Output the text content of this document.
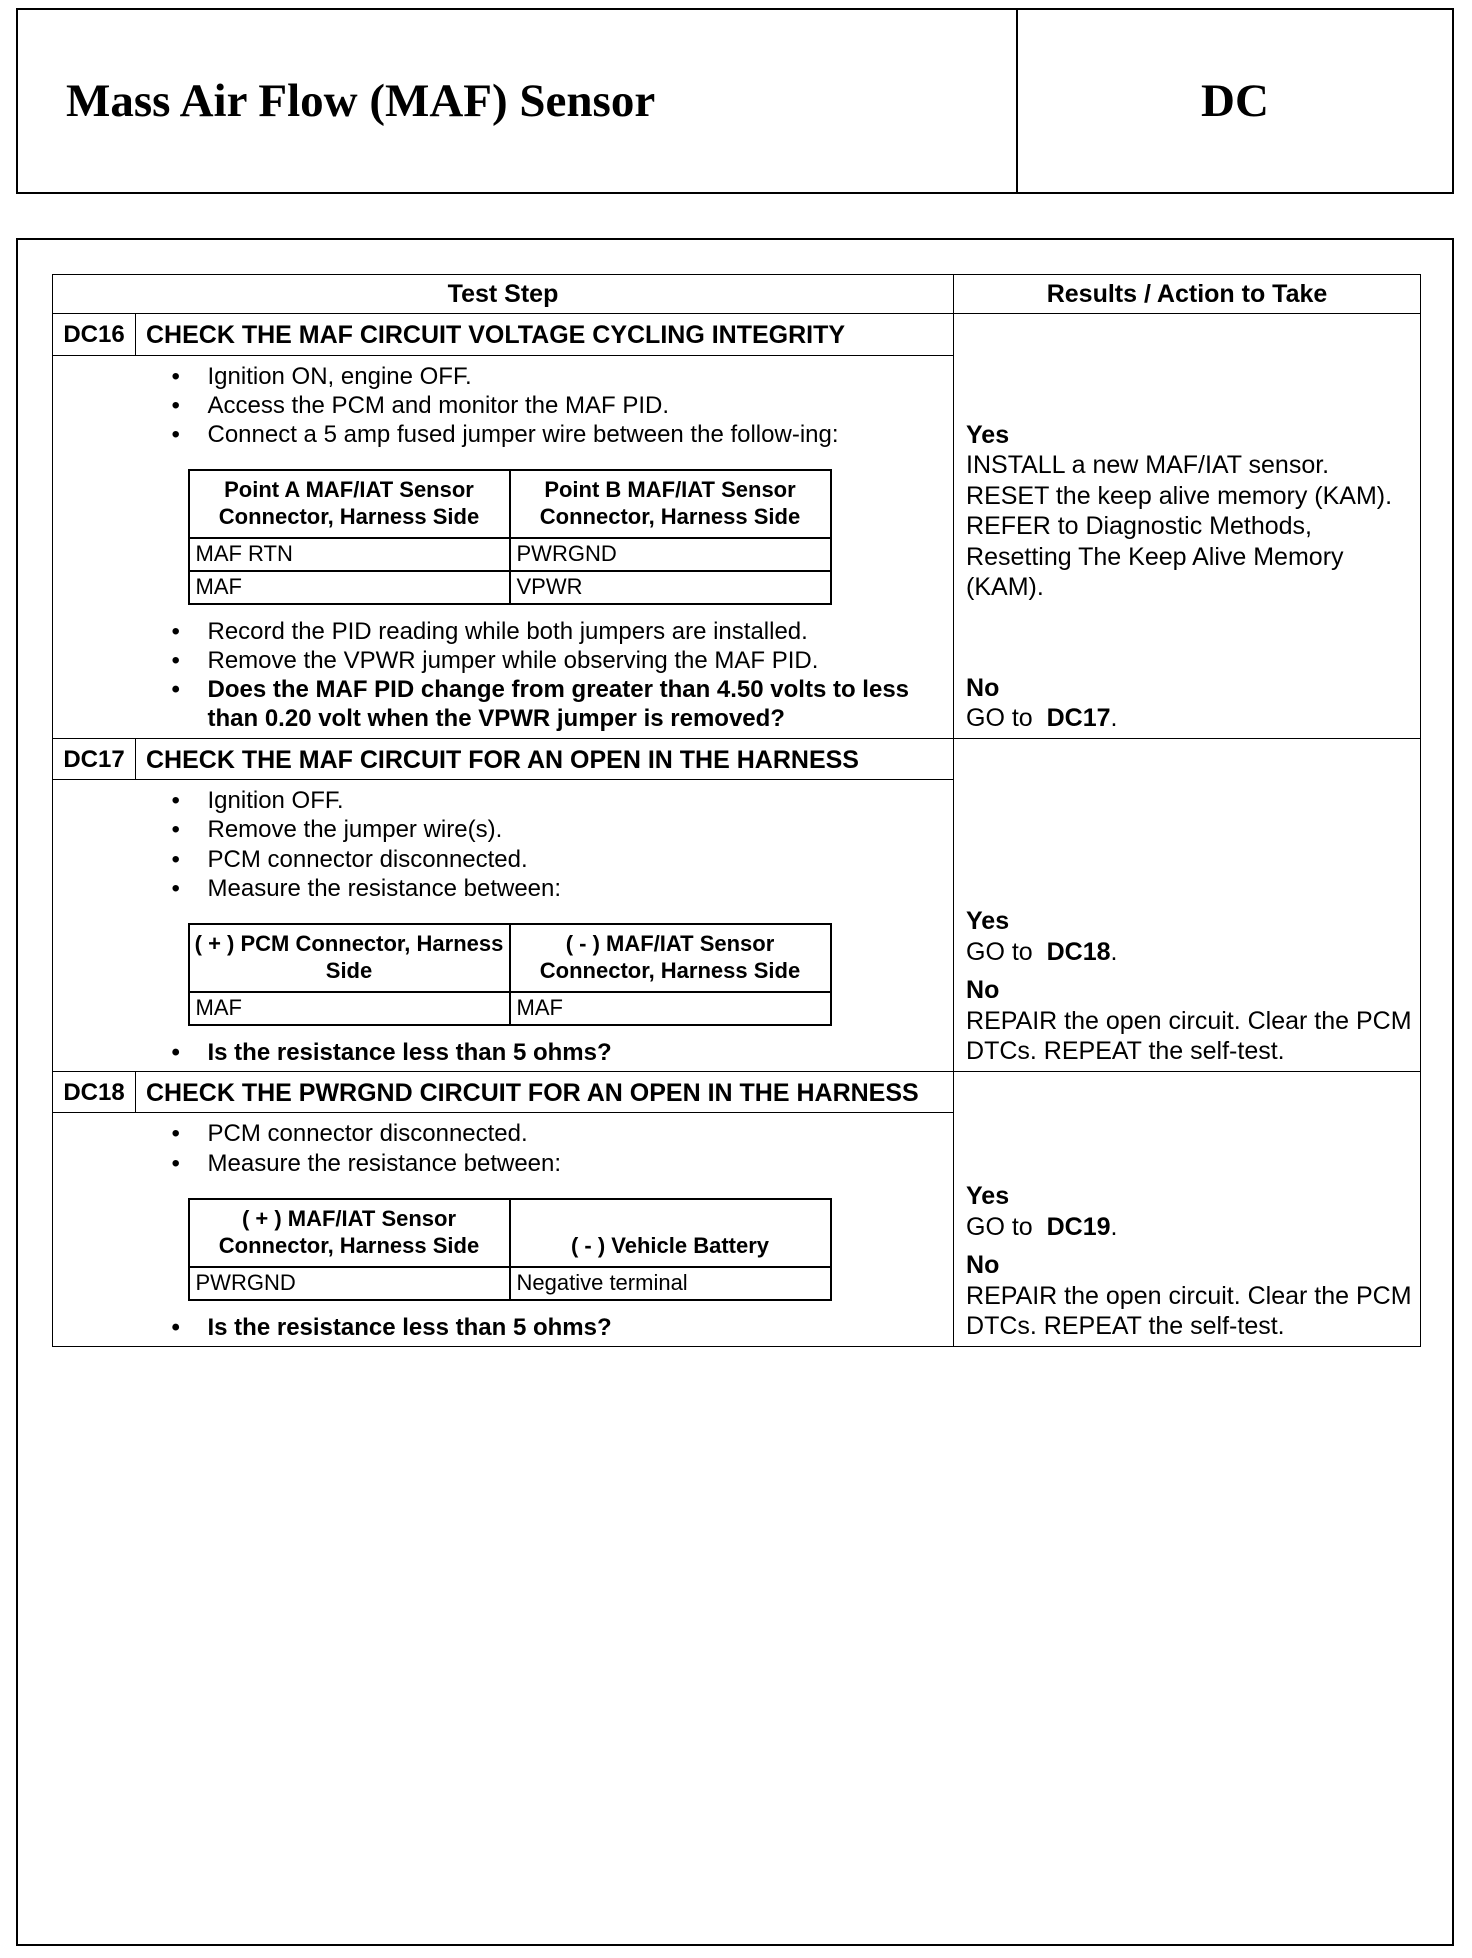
Mass Air Flow (MAF) Sensor	DC
Test Step	Results / Action to Take
DC16	CHECK THE MAF CIRCUIT VOLTAGE CYCLING INTEGRITY	
Yes
INSTALL a new MAF/IAT sensor. RESET the keep alive memory (KAM). REFER to Diagnostic Methods, Resetting The Keep Alive Memory (KAM).
No
GO to DC17.

• Ignition ON, engine OFF.
• Access the PCM and monitor the MAF PID.
• Connect a 5 amp fused jumper wire between the follow-ing:
Point A MAF/IAT Sensor Connector, Harness Side	Point B MAF/IAT Sensor Connector, Harness Side
MAF RTN	PWRGND
MAF	VPWR
• Record the PID reading while both jumpers are installed.
• Remove the VPWR jumper while observing the MAF PID.
• Does the MAF PID change from greater than 4.50 volts to less than 0.20 volt when the VPWR jumper is removed?

DC17	CHECK THE MAF CIRCUIT FOR AN OPEN IN THE HARNESS	
Yes
GO to DC18.
No
REPAIR the open circuit. Clear the PCM DTCs. REPEAT the self-test.

• Ignition OFF.
• Remove the jumper wire(s).
• PCM connector disconnected.
• Measure the resistance between:
( + ) PCM Connector, Harness Side	( - ) MAF/IAT Sensor Connector, Harness Side
MAF	MAF
• Is the resistance less than 5 ohms?

DC18	CHECK THE PWRGND CIRCUIT FOR AN OPEN IN THE HARNESS	
Yes
GO to DC19.
No
REPAIR the open circuit. Clear the PCM DTCs. REPEAT the self-test.

• PCM connector disconnected.
• Measure the resistance between:
( + ) MAF/IAT Sensor Connector, Harness Side	( - ) Vehicle Battery
PWRGND	Negative terminal
• Is the resistance less than 5 ohms?
